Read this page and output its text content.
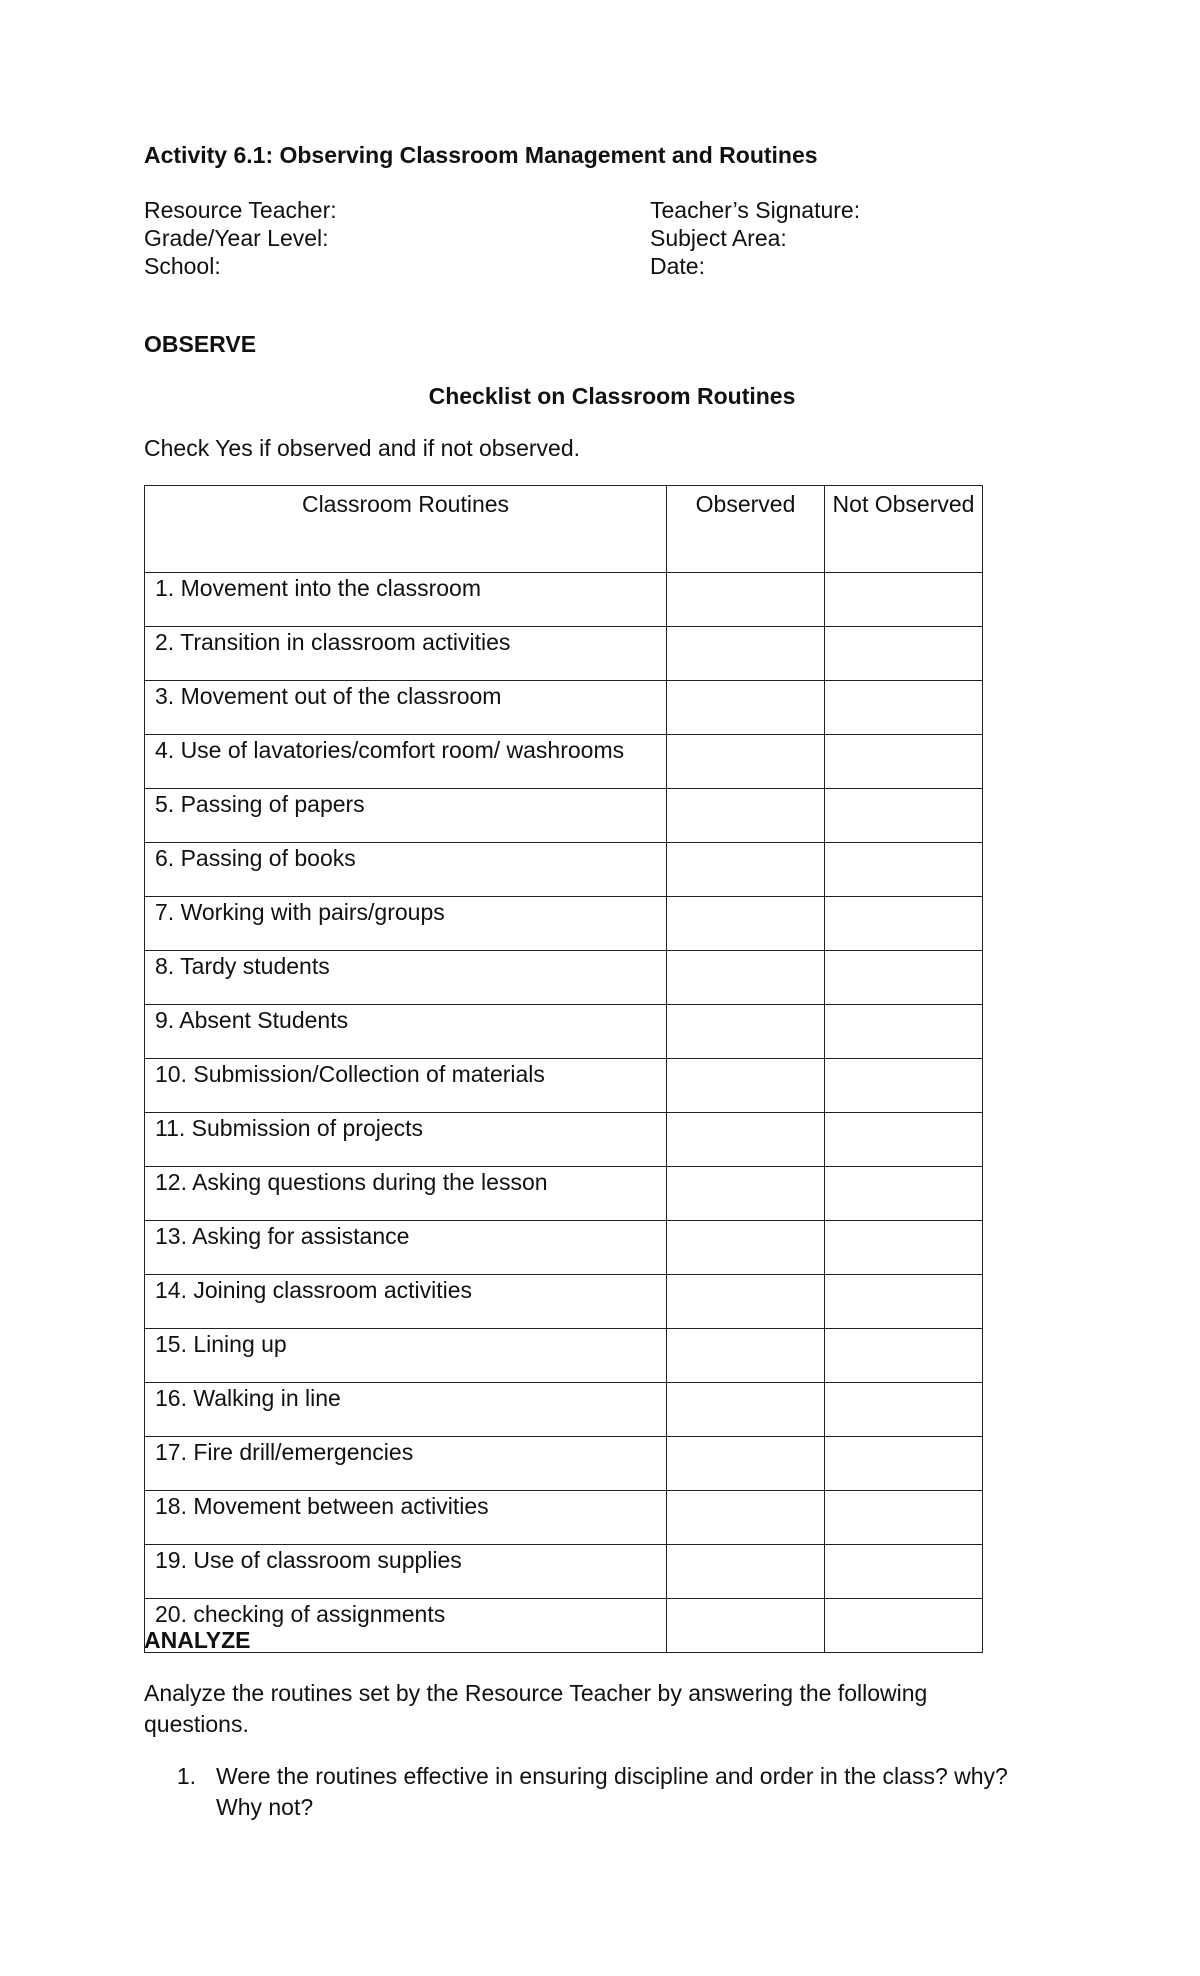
Activity 6.1: Observing Classroom Management and Routines
Resource Teacher:
Grade/Year Level:
School:
Teacher’s Signature:
Subject Area:
Date:
OBSERVE
Checklist on Classroom Routines

Check Yes if observed and if not observed.

Classroom Routines	Observed	Not Observed
1. Movement into the classroom		
2. Transition in classroom activities		
3. Movement out of the classroom		
4. Use of lavatories/comfort room/ washrooms		
5. Passing of papers		
6. Passing of books		
7. Working with pairs/groups		
8. Tardy students		
9. Absent Students		
10. Submission/Collection of materials		
11. Submission of projects		
12. Asking questions during the lesson		
13. Asking for assistance		
14. Joining classroom activities		
15. Lining up		
16. Walking in line		
17. Fire drill/emergencies		
18. Movement between activities		
19. Use of classroom supplies		
20. checking of assignments		
ANALYZE

Analyze the routines set by the Resource Teacher by answering the following questions.

1. Were the routines effective in ensuring discipline and order in the class? why? Why not?
